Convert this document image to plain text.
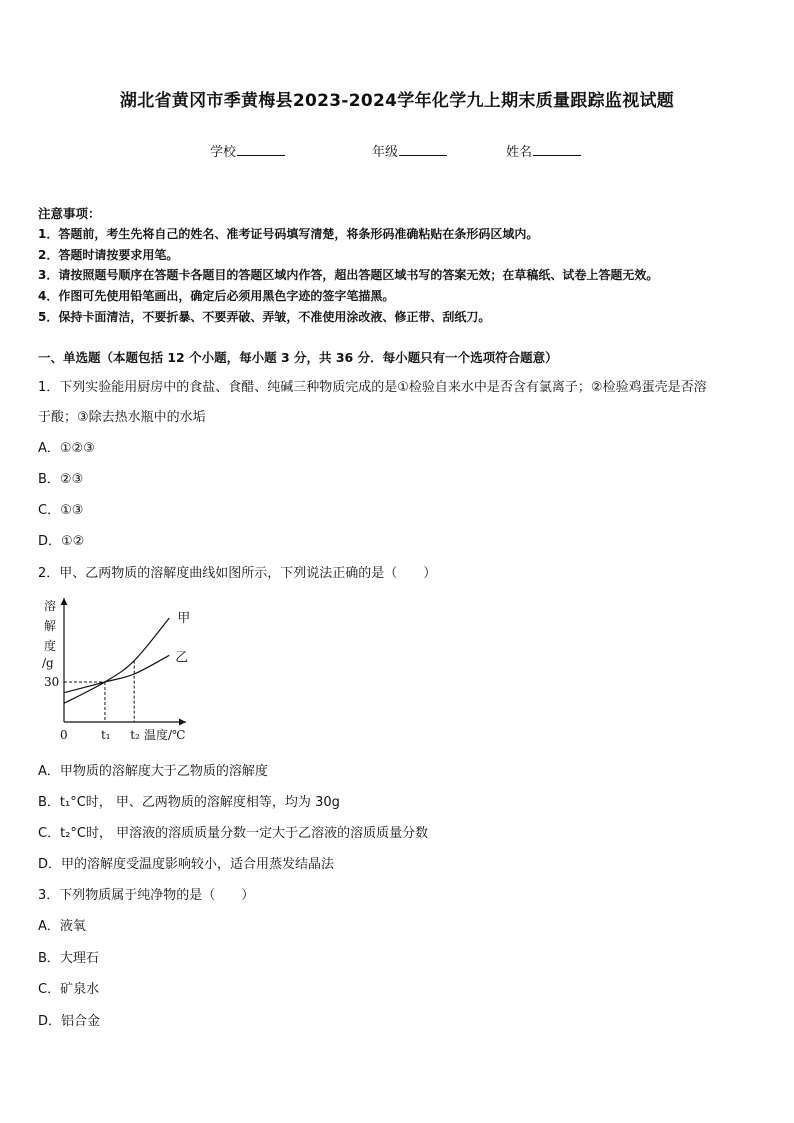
湖北省黄冈市季黄梅县2023-2024学年化学九上期末质量跟踪监视试题
学校	年级	姓名
注意事项：
1．答题前，考生先将自己的姓名、准考证号码填写清楚，将条形码准确粘贴在条形码区域内。
2．答题时请按要求用笔。
3．请按照题号顺序在答题卡各题目的答题区域内作答，超出答题区域书写的答案无效；在草稿纸、试卷上答题无效。
4．作图可先使用铅笔画出，确定后必须用黑色字迹的签字笔描黑。
5．保持卡面清洁，不要折暴、不要弄破、弄皱，不准使用涂改液、修正带、刮纸刀。
一、单选题（本题包括 12 个小题，每小题 3 分，共 36 分．每小题只有一个选项符合题意）
1．下列实验能用厨房中的食盐、食醋、纯碱三种物质完成的是①检验自来水中是否含有氯离子；②检验鸡蛋壳是否溶
于酸；③除去热水瓶中的水垢
A．①②③
B．②③
C．①③
D．①②
2．甲、乙两物质的溶解度曲线如图所示，下列说法正确的是（　　）
溶
解
度
/g
30
0	t₁ t₂ 温度/℃
甲
乙
A．甲物质的溶解度大于乙物质的溶解度
B．t₁°C时， 甲、乙两物质的溶解度相等，均为 30g
C．t₂°C时， 甲溶液的溶质质量分数一定大于乙溶液的溶质质量分数
D．甲的溶解度受温度影响较小，适合用蒸发结晶法
3．下列物质属于纯净物的是（　　）
A．液氧
B．大理石
C．矿泉水
D．铝合金
